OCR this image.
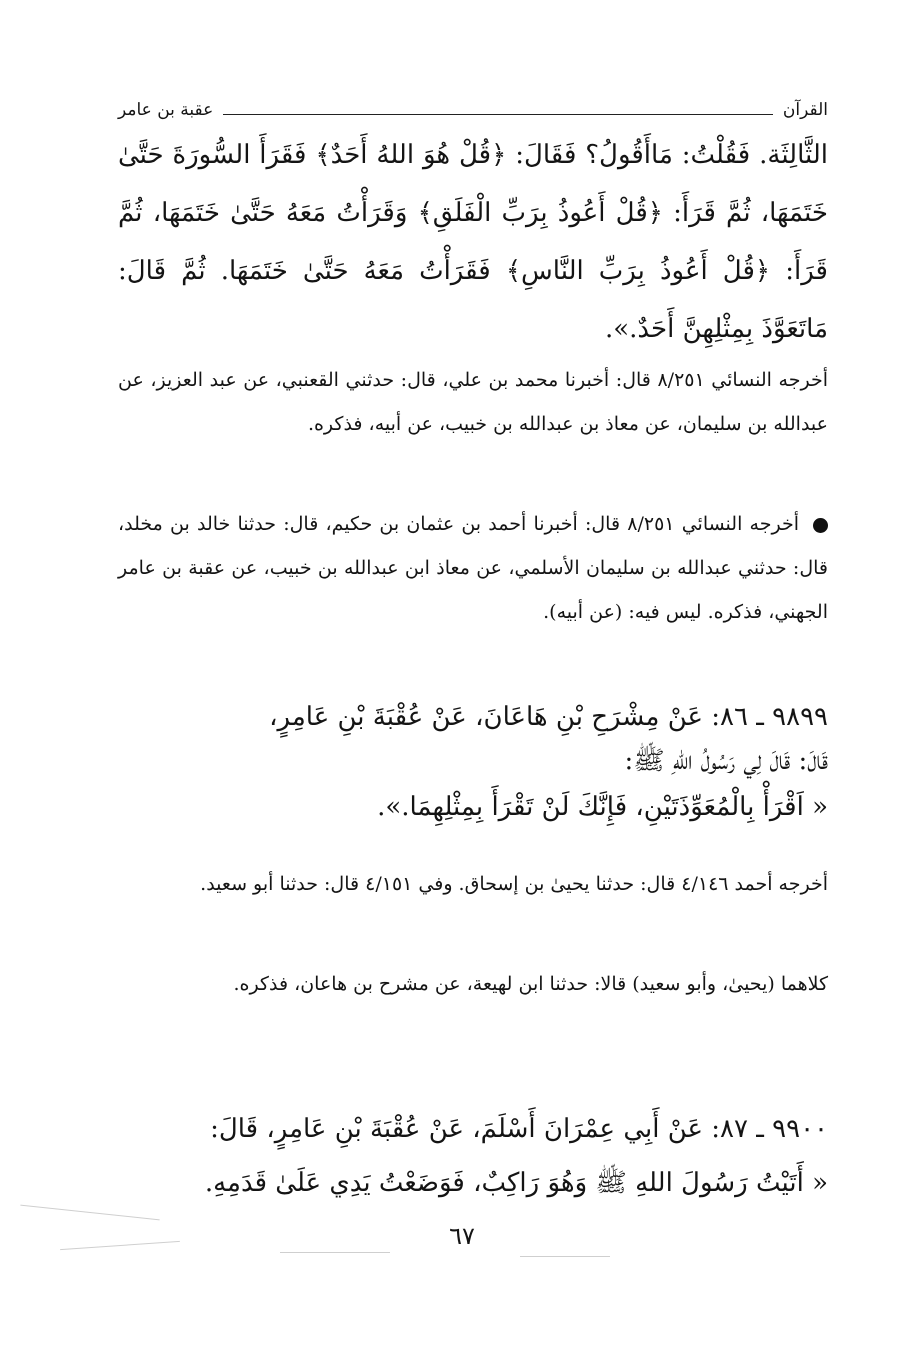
القرآن
عقبة بن عامر
الثَّالِثَة. فَقُلْتُ: مَاأَقُولُ؟ فَقَالَ: ﴿قُلْ هُوَ اللهُ أَحَدٌ﴾ فَقَرَأَ السُّورَةَ حَتَّىٰ خَتَمَهَا، ثُمَّ قَرَأَ: ﴿قُلْ أَعُوذُ بِرَبِّ الْفَلَقِ﴾ وَقَرَأْتُ مَعَهُ حَتَّىٰ خَتَمَهَا، ثُمَّ قَرَأَ: ﴿قُلْ أَعُوذُ بِرَبِّ النَّاسِ﴾ فَقَرَأْتُ مَعَهُ حَتَّىٰ خَتَمَهَا. ثُمَّ قَالَ: مَاتَعَوَّذَ بِمِثْلِهِنَّ أَحَدٌ.».
أخرجه النسائي ٨/٢٥١ قال: أخبرنا محمد بن علي، قال: حدثني القعنبي، عن عبد العزيز، عن عبدالله بن سليمان، عن معاذ بن عبدالله بن خبيب، عن أبيه، فذكره.
أخرجه النسائي ٨/٢٥١ قال: أخبرنا أحمد بن عثمان بن حكيم، قال: حدثنا خالد بن مخلد، قال: حدثني عبدالله بن سليمان الأسلمي، عن معاذ ابن عبدالله بن خبيب، عن عقبة بن عامر الجهني، فذكره. ليس فيه: (عن أبيه).
٩٨٩٩ ـ ٨٦: عَنْ مِشْرَحِ بْنِ هَاعَانَ، عَنْ عُقْبَةَ بْنِ عَامِرٍ،
قَالَ: قَالَ لِي رَسُولُ اللهِ ﷺ:
« اَقْرَأْ بِالْمُعَوِّذَتَيْنِ، فَإِنَّكَ لَنْ تَقْرَأَ بِمِثْلِهِمَا.».
أخرجه أحمد ٤/١٤٦ قال: حدثنا يحيىٰ بن إسحاق. وفي ٤/١٥١ قال: حدثنا أبو سعيد.
كلاهما (يحيىٰ، وأبو سعيد) قالا: حدثنا ابن لهيعة، عن مشرح بن هاعان، فذكره.
٩٩٠٠ ـ ٨٧: عَنْ أَبِي عِمْرَانَ أَسْلَمَ، عَنْ عُقْبَةَ بْنِ عَامِرٍ، قَالَ:
« أَتَيْتُ رَسُولَ اللهِ ﷺ وَهُوَ رَاكِبٌ، فَوَضَعْتُ يَدِي عَلَىٰ قَدَمِهِ.
٦٧
